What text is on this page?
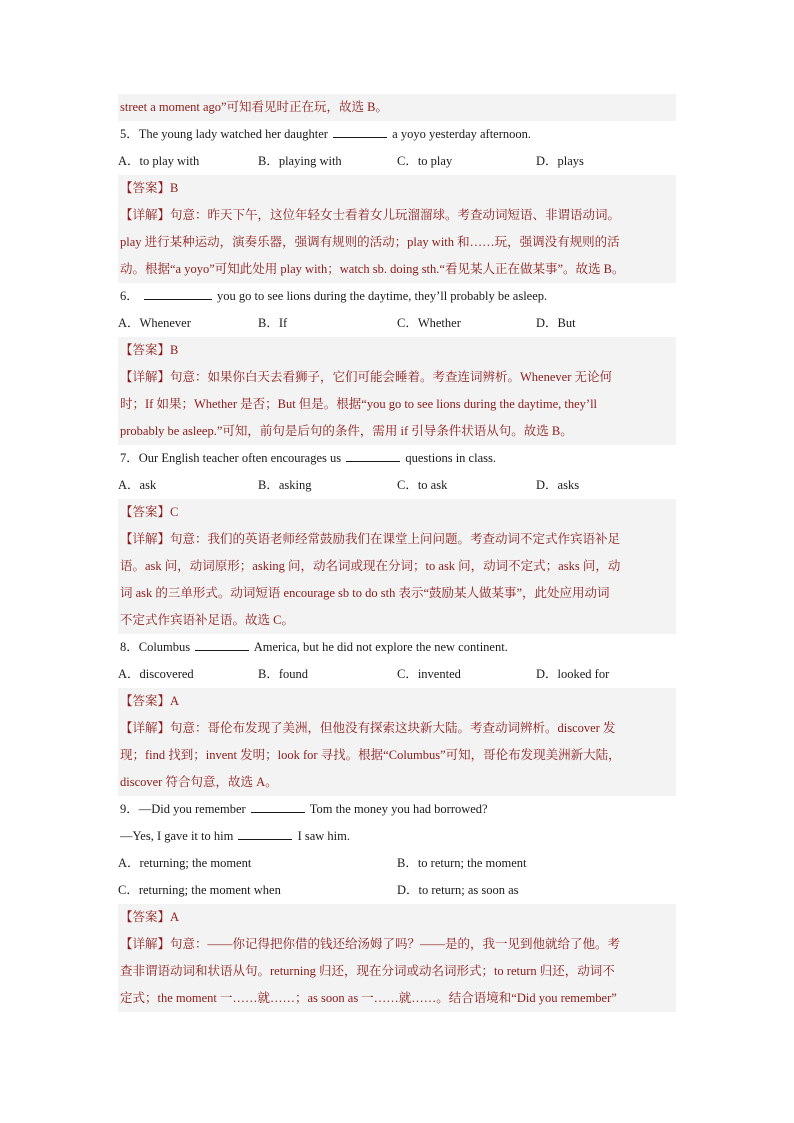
street a moment ago”可知看见时正在玩，故选 B。
5．The young lady watched her daughter	a yoyo yesterday afternoon.
A．to play with	B．playing with	C．to play	D．plays
【答案】B
【详解】句意：昨天下午，这位年轻女士看着女儿玩溜溜球。考查动词短语、非谓语动词。
play 进行某种运动，演奏乐器，强调有规则的活动；play with 和……玩，强调没有规则的活
动。根据“a yoyo”可知此处用 play with；watch sb. doing sth.“看见某人正在做某事”。故选 B。
6．	you go to see lions during the daytime, they’ll probably be asleep.
A．Whenever	B．If	C．Whether	D．But
【答案】B
【详解】句意：如果你白天去看狮子，它们可能会睡着。考查连词辨析。Whenever 无论何
时；If 如果；Whether 是否；But 但是。根据“you go to see lions during the daytime, they’ll
probably be asleep.”可知，前句是后句的条件，需用 if 引导条件状语从句。故选 B。
7．Our English teacher often encourages us	questions in class.
A．ask	B．asking	C．to ask	D．asks
【答案】C
【详解】句意：我们的英语老师经常鼓励我们在课堂上问问题。考查动词不定式作宾语补足
语。ask 问，动词原形；asking 问，动名词或现在分词；to ask 问，动词不定式；asks 问，动
词 ask 的三单形式。动词短语 encourage sb to do sth 表示“鼓励某人做某事”，此处应用动词
不定式作宾语补足语。故选 C。
8．Columbus	America, but he did not explore the new continent.
A．discovered	B．found	C．invented	D．looked for
【答案】A
【详解】句意：哥伦布发现了美洲，但他没有探索这块新大陆。考查动词辨析。discover 发
现；find 找到；invent 发明；look for 寻找。根据“Columbus”可知，哥伦布发现美洲新大陆，
discover 符合句意，故选 A。
9．—Did you remember	Tom the money you had borrowed?
—Yes, I gave it to him	I saw him.
A．returning; the moment	B．to return; the moment
C．returning; the moment when	D．to return; as soon as
【答案】A
【详解】句意：——你记得把你借的钱还给汤姆了吗？——是的，我一见到他就给了他。考
查非谓语动词和状语从句。returning 归还，现在分词或动名词形式；to return 归还，动词不
定式；the moment 一……就……；as soon as 一……就……。结合语境和“Did you remember”
